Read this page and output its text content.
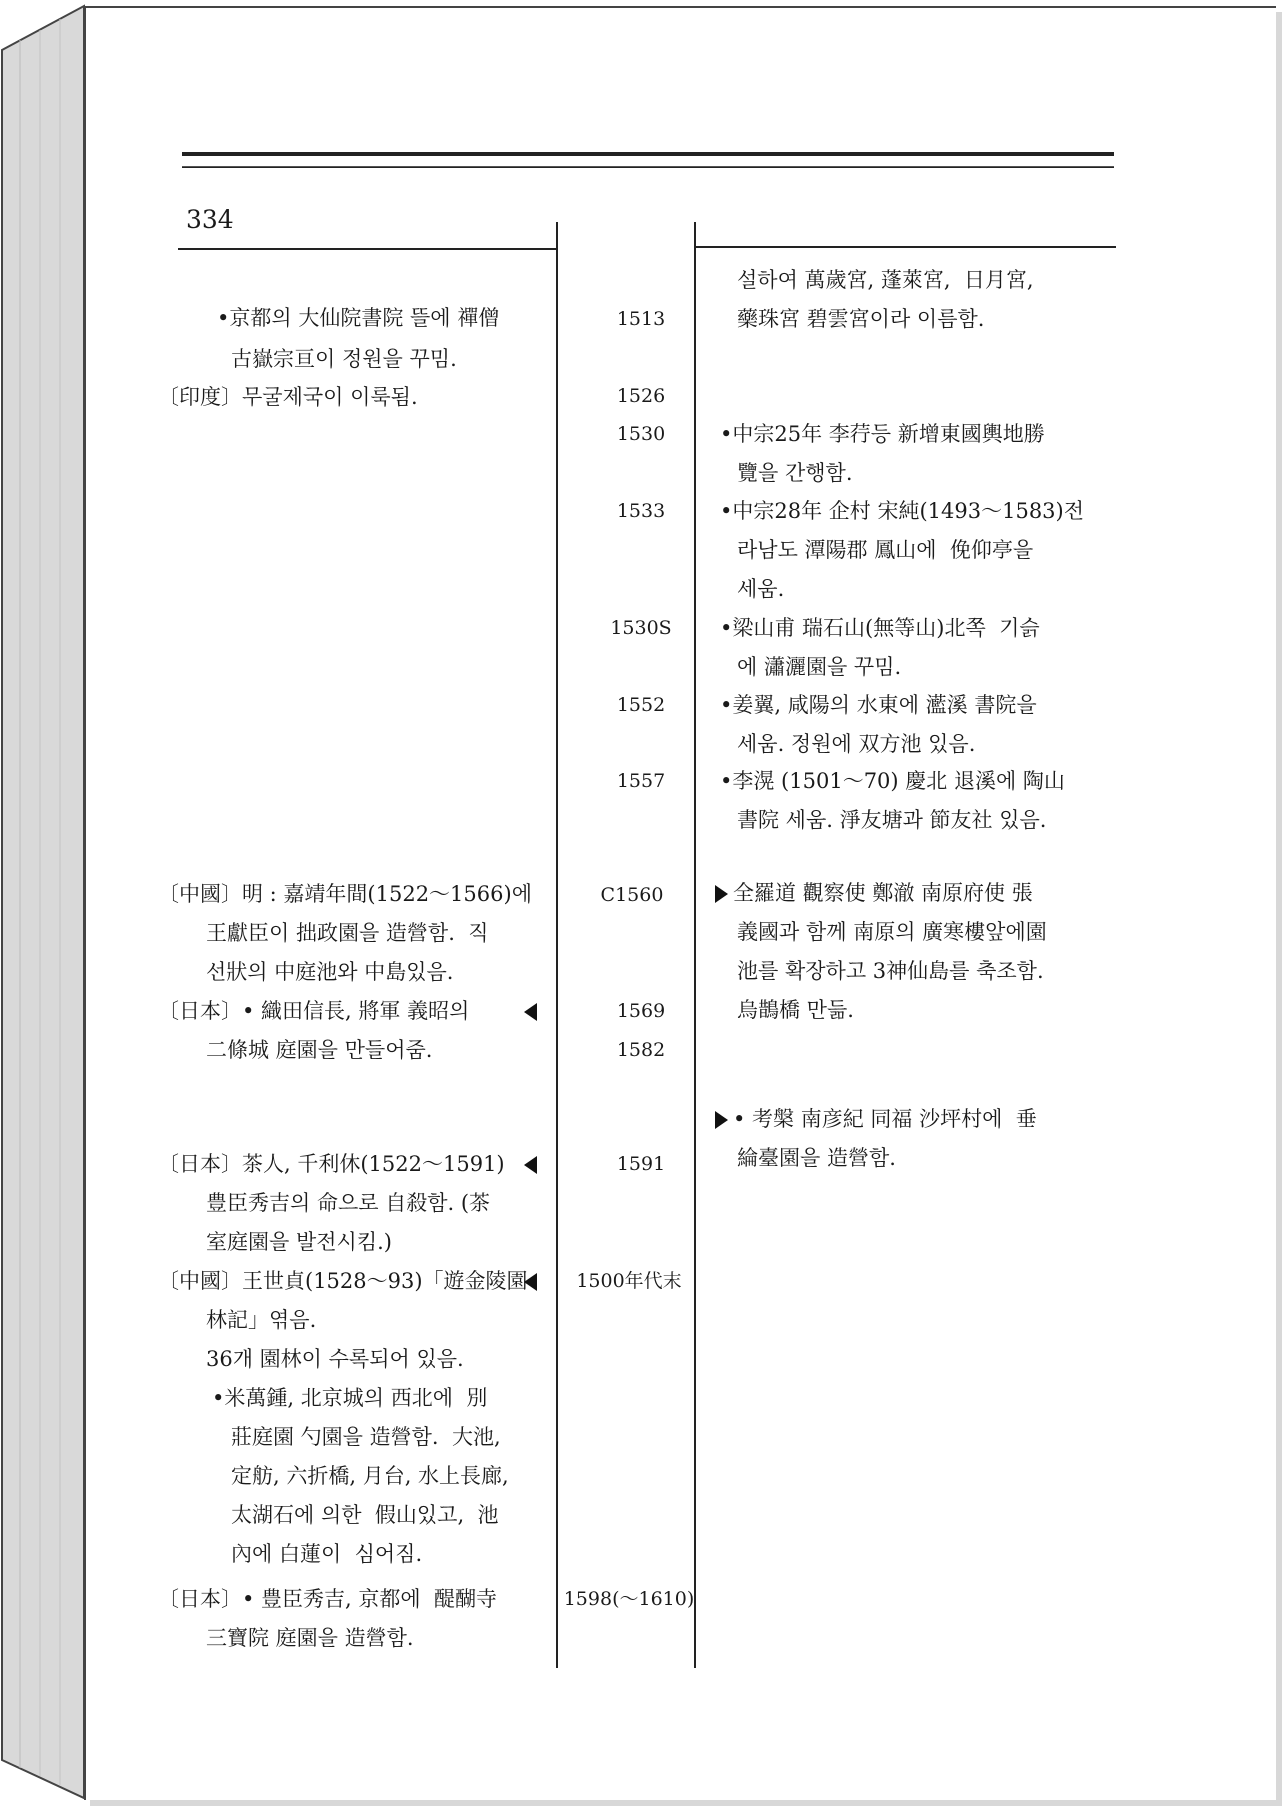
334
•京都의 大仙院書院 뜰에 禪僧
古嶽宗亘이 정원을 꾸밈.
〔印度〕무굴제국이 이룩됨.
〔中國〕明 : 嘉靖年間(1522～1566)에
王獻臣이 拙政園을 造營함.  직
선狀의 中庭池와 中島있음.
〔日本〕• 織田信長, 將軍 義昭의
二條城 庭園을 만들어줌.
〔日本〕茶人, 千利休(1522～1591)
豊臣秀吉의 命으로 自殺함. (茶
室庭園을 발전시킴.)
〔中國〕王世貞(1528～93)「遊金陵園
林記」엮음.
36개 園林이 수록되어 있음.
•米萬鍾, 北京城의 西北에  別
莊庭園 勺園을 造營함.  大池,
定舫, 六折橋, 月台, 水上長廊,
太湖石에 의한  假山있고,  池
內에 白蓮이  심어짐.
〔日本〕• 豊臣秀吉, 京都에  醍醐寺
三寶院 庭園을 造營함.
1513
1526
1530
1533
1530S
1552
1557
C1560
1569
1582
1591
1500年代末
1598(～1610)
설하여 萬歲宮, 蓬萊宮,  日月宮,
藥珠宮 碧雲宮이라 이름함.
•中宗25年 李荇등 新增東國輿地勝
覽을 간행함.
•中宗28年 企村 宋純(1493～1583)전
라남도 潭陽郡 鳳山에  俛仰亭을
세움.
•梁山甫 瑞石山(無等山)北쪽  기슭
에 瀟灑園을 꾸밈.
•姜翼, 咸陽의 水東에 灆溪 書院을
세움. 정원에 双方池 있음.
•李滉 (1501～70) 慶北 退溪에 陶山
書院 세움. 淨友塘과 節友社 있음.
全羅道 觀察使 鄭澈 南原府使 張
義國과 함께 南原의 廣寒樓앞에園
池를 확장하고 3神仙島를 축조함.
烏鵲橋 만듦.
• 考槃 南彦紀 同福 沙坪村에  垂
綸臺園을 造營함.
